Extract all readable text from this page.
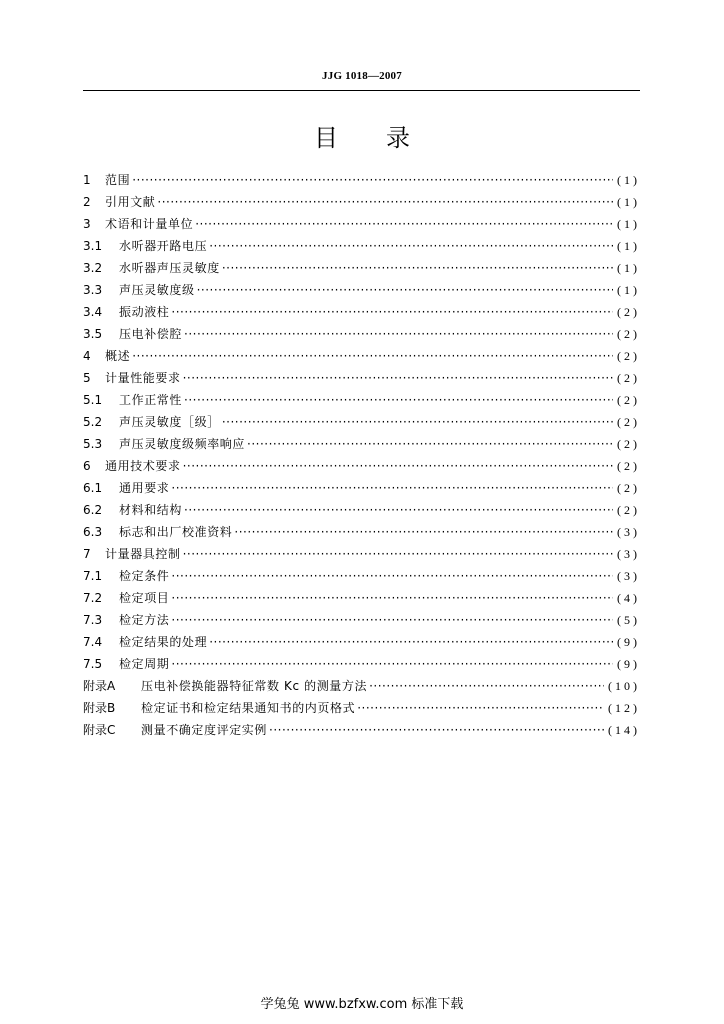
JJG 1018—2007
目 录
1	范围 ·····	(1)
2	引用文献 ·····	(1)
3	术语和计量单位 ·····	(1)
3.1	水听器开路电压 ·····	(1)
3.2	水听器声压灵敏度 ·····	(1)
3.3	声压灵敏度级 ·····	(1)
3.4	振动液柱 ·····	(2)
3.5	压电补偿腔 ·····	(2)
4	概述 ·····	(2)
5	计量性能要求 ·····	(2)
5.1	工作正常性 ·····	(2)
5.2	声压灵敏度［级］ ·····	(2)
5.3	声压灵敏度级频率响应 ·····	(2)
6	通用技术要求 ·····	(2)
6.1	通用要求 ·····	(2)
6.2	材料和结构 ·····	(2)
6.3	标志和出厂校准资料 ·····	(3)
7	计量器具控制 ·····	(3)
7.1	检定条件 ·····	(3)
7.2	检定项目 ·····	(4)
7.3	检定方法 ·····	(5)
7.4	检定结果的处理 ·····	(9)
7.5	检定周期 ·····	(9)
附录A	压电补偿换能器特征常数 Kc 的测量方法 ·····	(10)
附录B	检定证书和检定结果通知书的内页格式 ·····	(12)
附录C	测量不确定度评定实例 ·····	(14)
学兔兔 www.bzfxw.com 标准下载
